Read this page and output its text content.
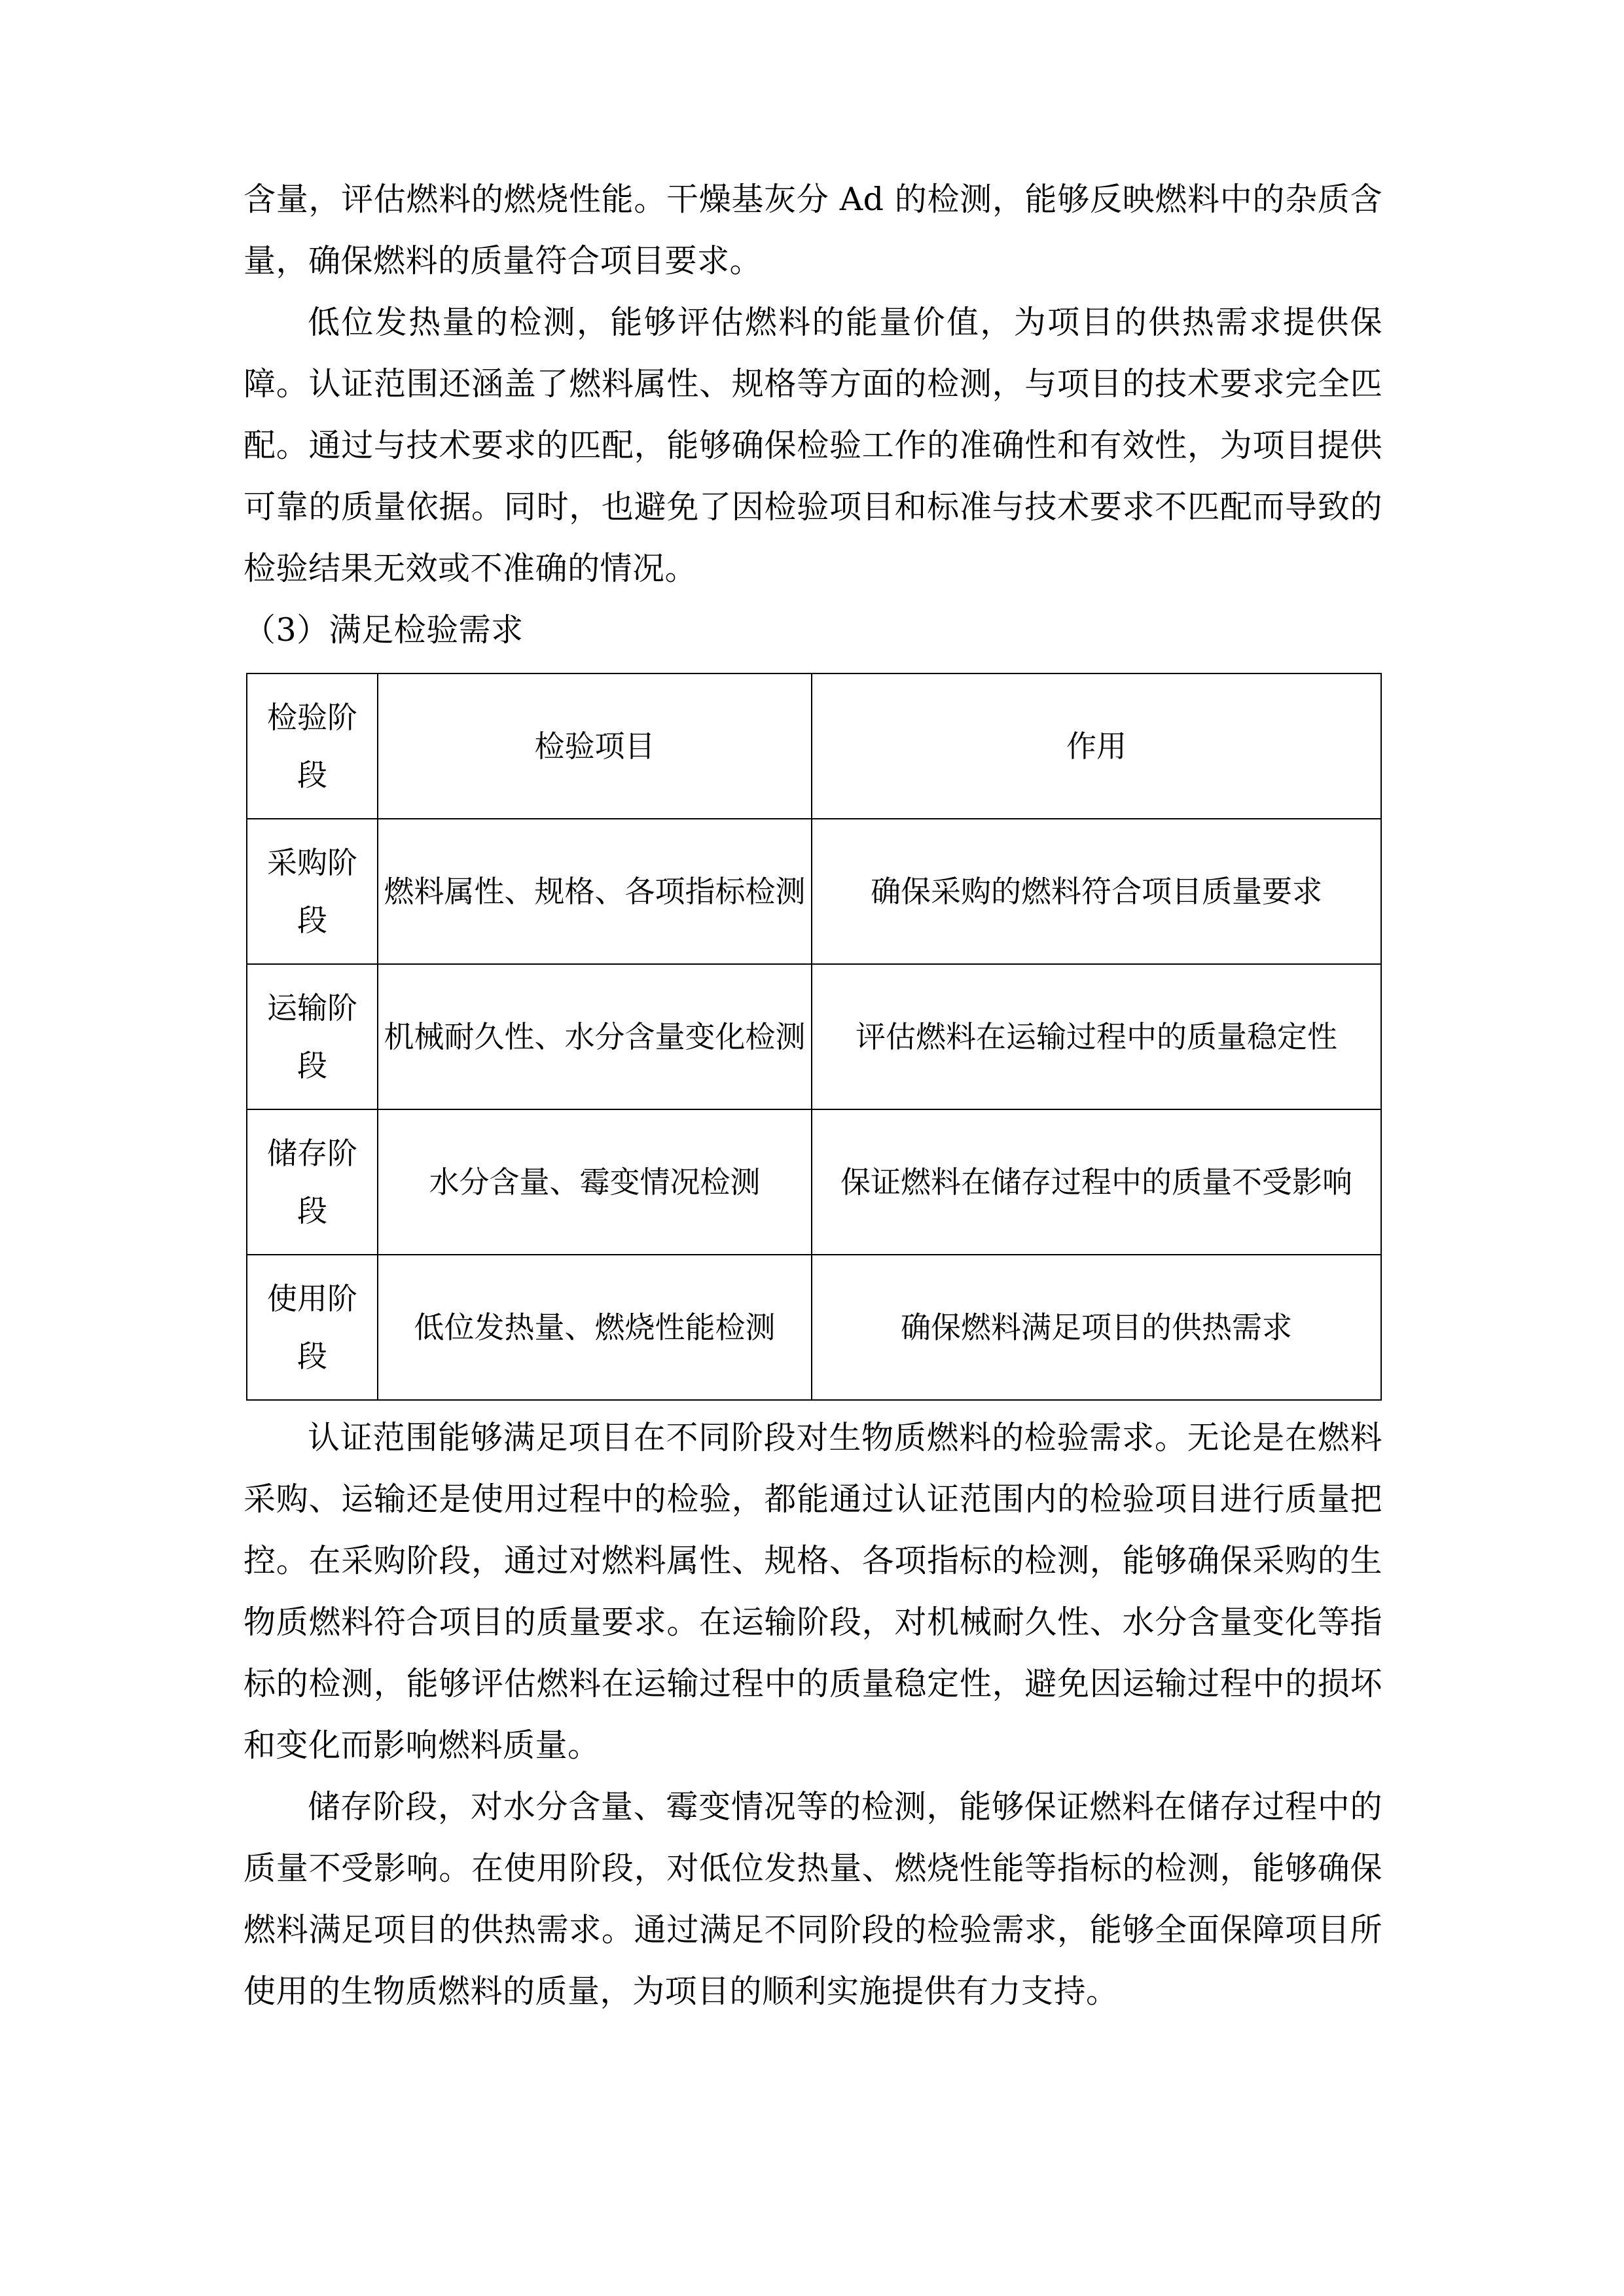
含量，评估燃料的燃烧性能。干燥基灰分 Ad 的检测，能够反映燃料中的杂质含量，确保燃料的质量符合项目要求。

低位发热量的检测，能够评估燃料的能量价值，为项目的供热需求提供保障。认证范围还涵盖了燃料属性、规格等方面的检测，与项目的技术要求完全匹配。通过与技术要求的匹配，能够确保检验工作的准确性和有效性，为项目提供可靠的质量依据。同时，也避免了因检验项目和标准与技术要求不匹配而导致的检验结果无效或不准确的情况。

（3）满足检验需求

检验阶段	检验项目	作用
采购阶段	燃料属性、规格、各项指标检测	确保采购的燃料符合项目质量要求
运输阶段	机械耐久性、水分含量变化检测	评估燃料在运输过程中的质量稳定性
储存阶段	水分含量、霉变情况检测	保证燃料在储存过程中的质量不受影响
使用阶段	低位发热量、燃烧性能检测	确保燃料满足项目的供热需求

认证范围能够满足项目在不同阶段对生物质燃料的检验需求。无论是在燃料采购、运输还是使用过程中的检验，都能通过认证范围内的检验项目进行质量把控。在采购阶段，通过对燃料属性、规格、各项指标的检测，能够确保采购的生物质燃料符合项目的质量要求。在运输阶段，对机械耐久性、水分含量变化等指标的检测，能够评估燃料在运输过程中的质量稳定性，避免因运输过程中的损坏和变化而影响燃料质量。

储存阶段，对水分含量、霉变情况等的检测，能够保证燃料在储存过程中的质量不受影响。在使用阶段，对低位发热量、燃烧性能等指标的检测，能够确保燃料满足项目的供热需求。通过满足不同阶段的检验需求，能够全面保障项目所使用的生物质燃料的质量，为项目的顺利实施提供有力支持。
